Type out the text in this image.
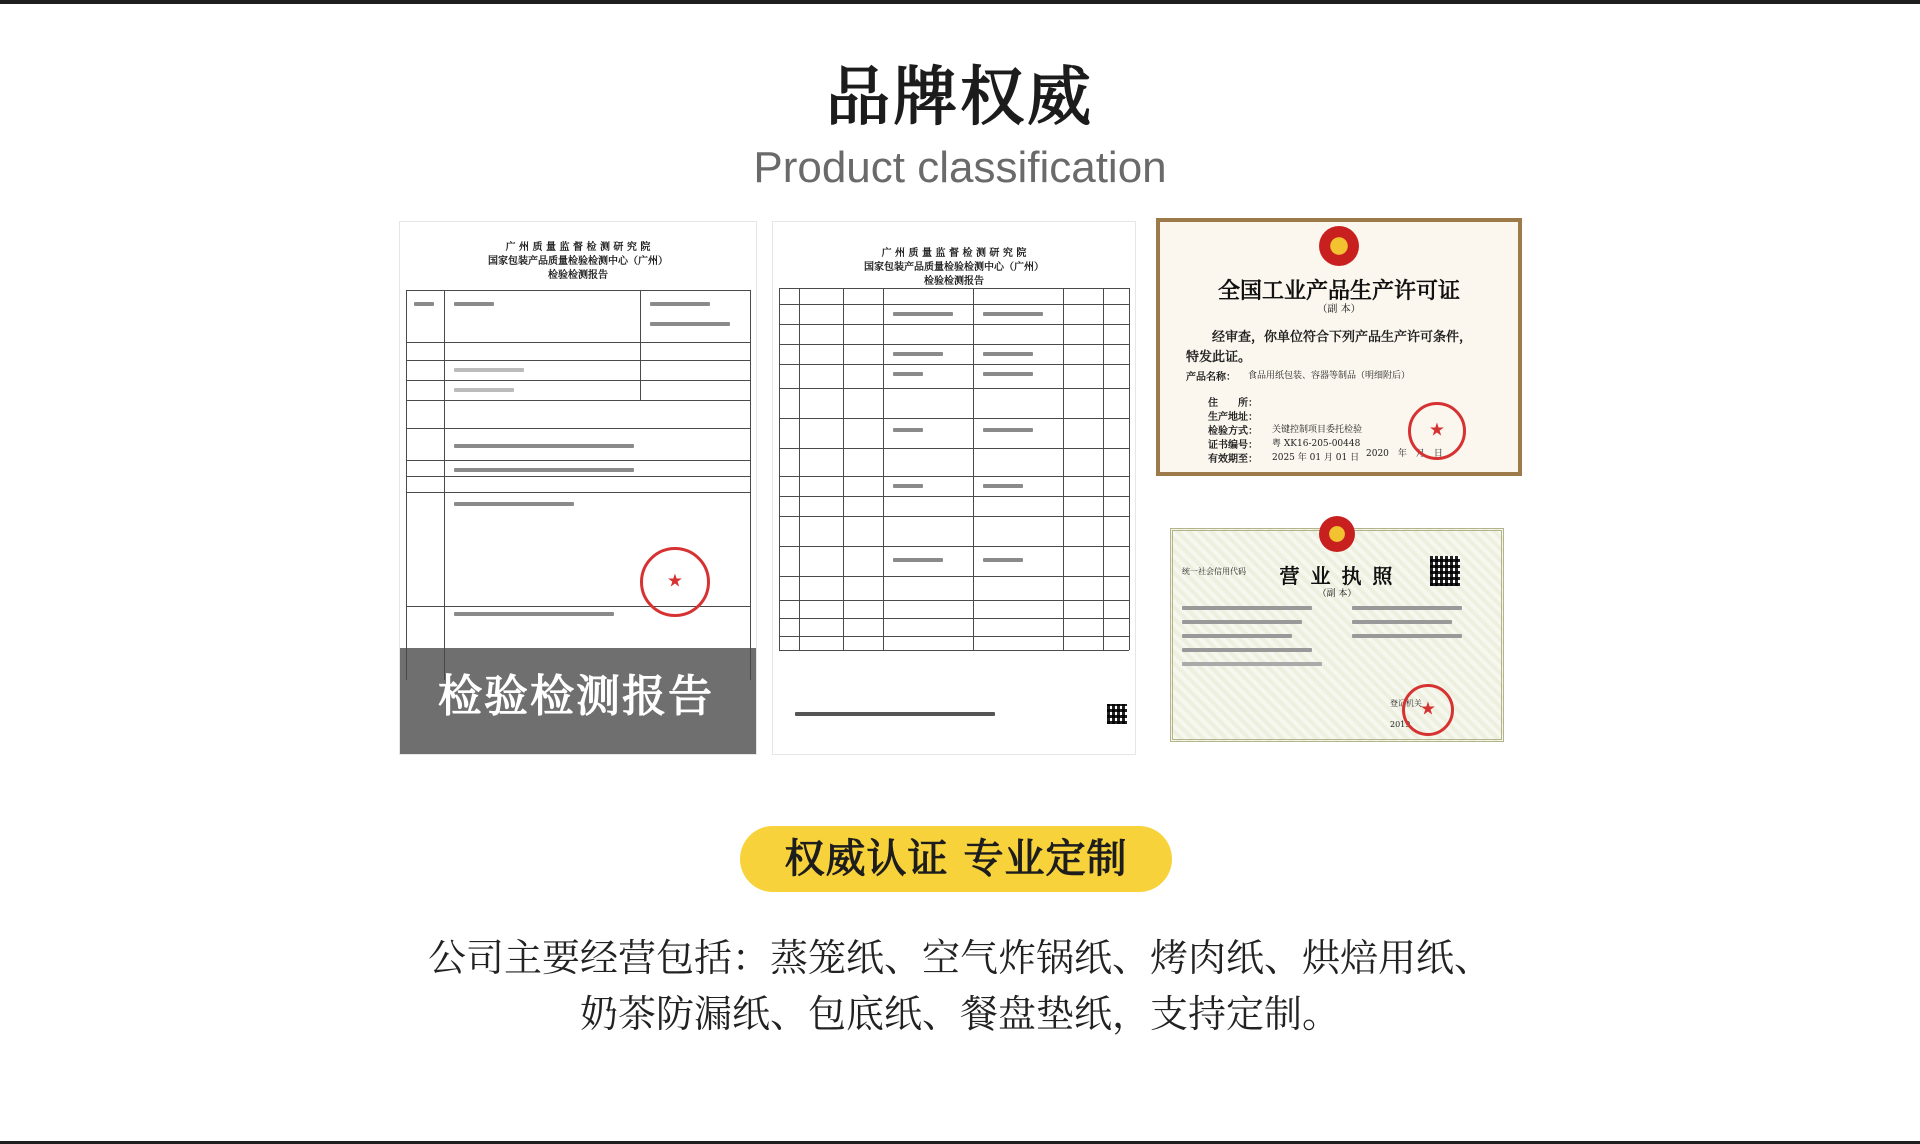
品牌权威
Product classification
广 州 质 量 监 督 检 测 研 究 院
国家包装产品质量检验检测中心（广州）
检验检测报告
★
检验检测报告
广 州 质 量 监 督 检 测 研 究 院
国家包装产品质量检验检测中心（广州）
检验检测报告	全国工业产品生产许可证
（副 本）
经审查，你单位符合下列产品生产许可条件，
特发此证。
产品名称： 食品用纸包装、容器等制品（明细附后）
住　　所：
生产地址：
检验方式： 关键控制项目委托检验
证书编号： 粤 XK16-205-00448
有效期至： 2025 年 01 月 01 日 2020　年　月　日
★
营 业 执 照
（副 本）
统一社会信用代码
登记机关
2019
★
权威认证 专业定制
公司主要经营包括：蒸笼纸、空气炸锅纸、烤肉纸、烘焙用纸、
奶茶防漏纸、包底纸、餐盘垫纸，支持定制。
